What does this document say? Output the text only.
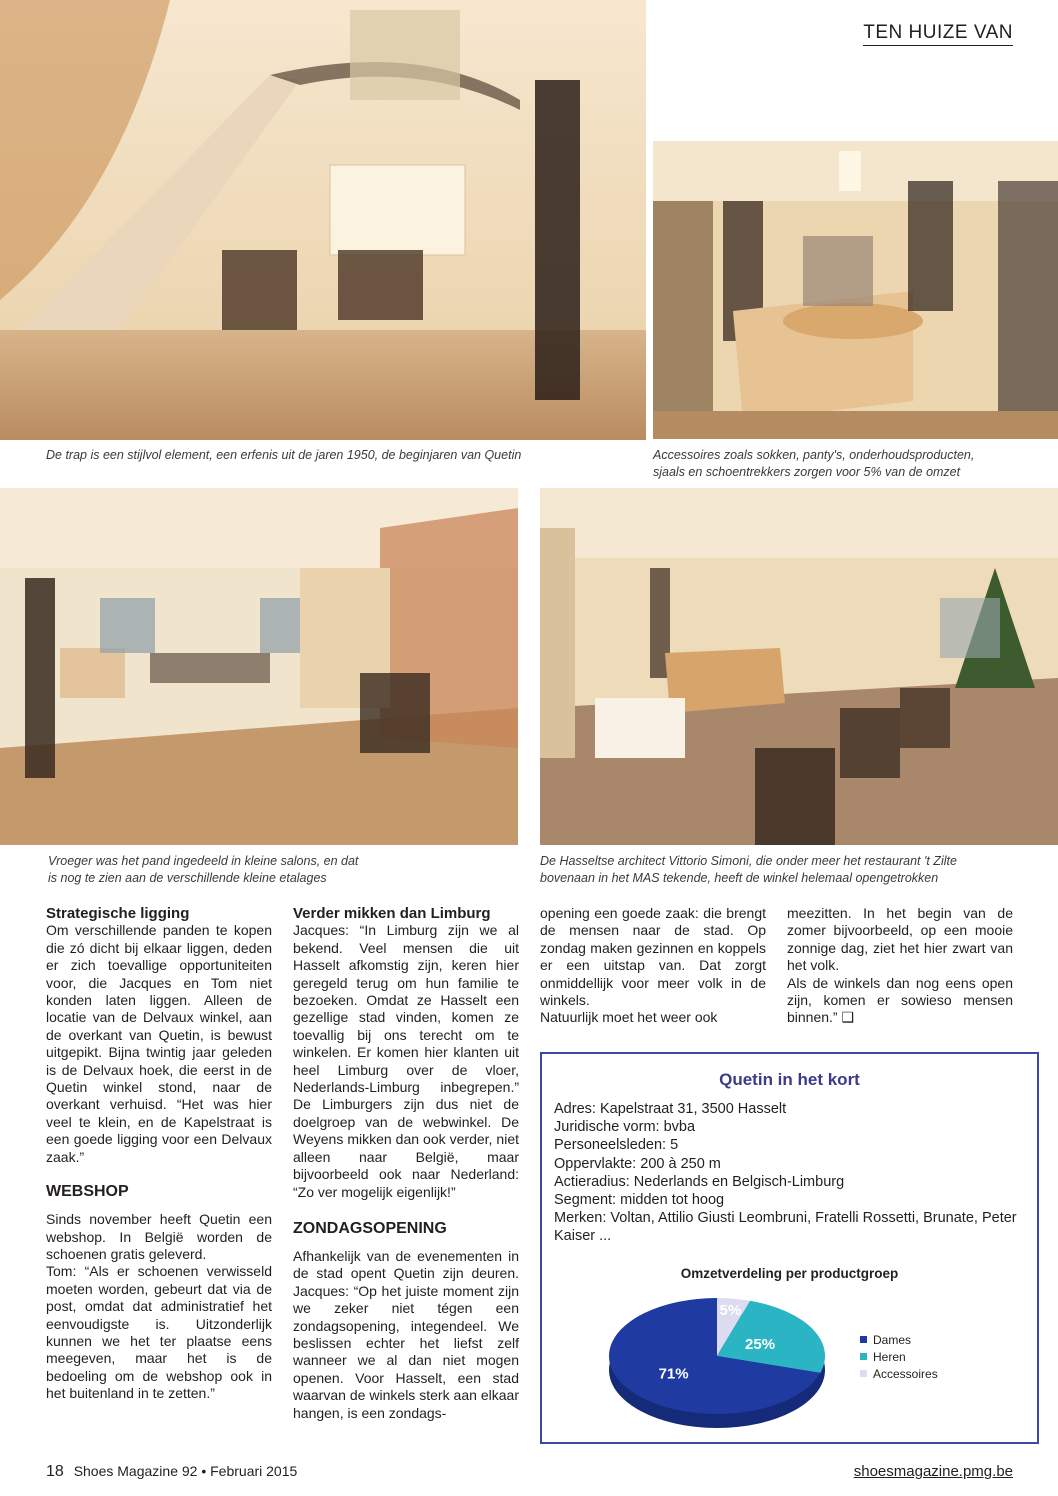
TEN HUIZE VAN
De trap is een stijlvol element, een erfenis uit de jaren 1950, de beginjaren van Quetin	Accessoires zoals sokken, panty's, onderhoudsproducten,
sjaals en schoentrekkers zorgen voor 5% van de omzet
Vroeger was het pand ingedeeld in kleine salons, en dat
is nog te zien aan de verschillende kleine etalages
De Hasseltse architect Vittorio Simoni, die onder meer het restaurant 't Zilte
bovenaan in het MAS tekende, heeft de winkel helemaal opengetrokken
Strategische ligging

Om verschillende panden te kopen die zó dicht bij elkaar liggen, deden er zich toevallige opportuniteiten voor, die Jacques en Tom niet konden laten liggen. Alleen de locatie van de Delvaux winkel, aan de overkant van Quetin, is bewust uitgepikt. Bijna twintig jaar geleden is de Delvaux hoek, die eerst in de Quetin winkel stond, naar de overkant verhuisd. “Het was hier veel te klein, en de Kapelstraat is een goede ligging voor een Delvaux zaak.”

WEBSHOP

Sinds november heeft Quetin een webshop. In België worden de schoenen gratis geleverd.

Tom: “Als er schoenen verwisseld moeten worden, gebeurt dat via de post, omdat dat administratief het eenvoudigste is. Uitzonderlijk kunnen we het ter plaatse eens meegeven, maar het is de bedoeling om de webshop ook in het buitenland in te zetten.”

Verder mikken dan Limburg

Jacques: “In Limburg zijn we al bekend. Veel mensen die uit Hasselt afkomstig zijn, keren hier geregeld terug om hun familie te bezoeken. Omdat ze Hasselt een gezellige stad vinden, komen ze toevallig bij ons terecht om te winkelen. Er komen hier klanten uit heel Limburg over de vloer, Nederlands-Limburg inbegrepen.” De Limburgers zijn dus niet de doelgroep van de webwinkel. De Weyens mikken dan ook verder, niet alleen naar België, maar bijvoorbeeld ook naar Nederland: “Zo ver mogelijk eigenlijk!”

ZONDAGSOPENING

Afhankelijk van de evenementen in de stad opent Quetin zijn deuren. Jacques: “Op het juiste moment zijn we zeker niet tégen een zondagsopening, integendeel. We beslissen echter het liefst zelf wanneer we al dan niet mogen openen. Voor Hasselt, een stad waarvan de winkels sterk aan elkaar hangen, is een zondags-

opening een goede zaak: die brengt de mensen naar de stad. Op zondag maken gezinnen en koppels er een uitstap van. Dat zorgt onmiddellijk voor meer volk in de winkels.

Natuurlijk moet het weer ook

meezitten. In het begin van de zomer bijvoorbeeld, op een mooie zonnige dag, ziet het hier zwart van het volk.

Als de winkels dan nog eens open zijn, komen er sowieso mensen binnen.” ❑

Quetin in het kort
Adres: Kapelstraat 31, 3500 Hasselt
Juridische vorm: bvba
Personeelsleden: 5
Oppervlakte: 200 à 250 m
Actieradius: Nederlands en Belgisch-Limburg
Segment: midden tot hoog
Merken: Voltan, Attilio Giusti Leombruni, Fratelli Rossetti, Brunate, Peter Kaiser ...
Omzetverdeling per productgroep
5%
25%
71%
Dames
Heren
Accessoires
18 Shoes Magazine 92 • Februari 2015	shoesmagazine.pmg.be
